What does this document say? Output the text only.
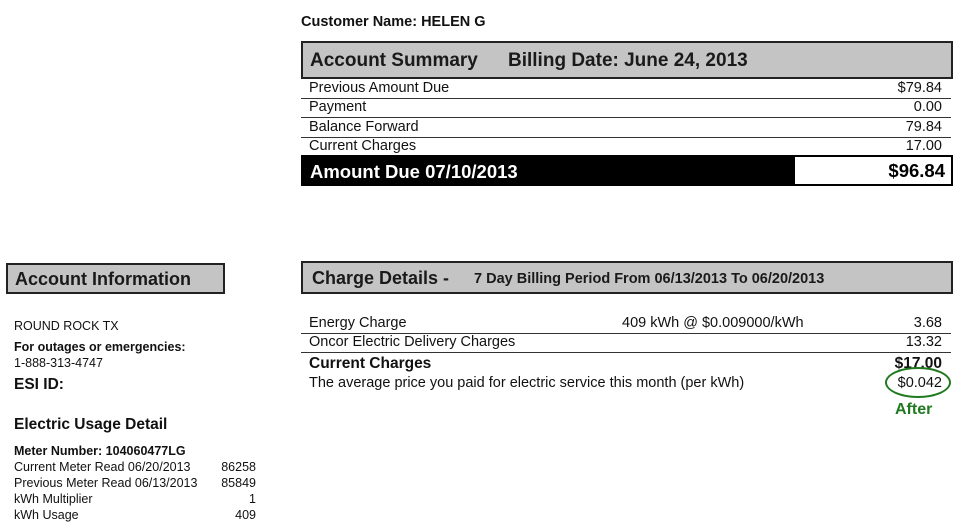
Customer Name: HELEN G
Account Summary Billing Date: June 24, 2013
Previous Amount Due	$79.84
Payment	0.00
Balance Forward	79.84
Current Charges	17.00
Amount Due 07/10/2013	$96.84
Account Information
ROUND ROCK TX
For outages or emergencies:
1-888-313-4747
ESI ID:
Electric Usage Detail
Meter Number: 104060477LG
Current Meter Read 06/20/2013 86258
Previous Meter Read 06/13/2013 85849
kWh Multiplier	1
kWh Usage	409
Charge Details - 7 Day Billing Period From 06/13/2013 To 06/20/2013
Energy Charge	409 kWh @ $0.009000/kWh	3.68
Oncor Electric Delivery Charges	13.32
Current Charges	$17.00
The average price you paid for electric service this month (per kWh)	$0.042
After
